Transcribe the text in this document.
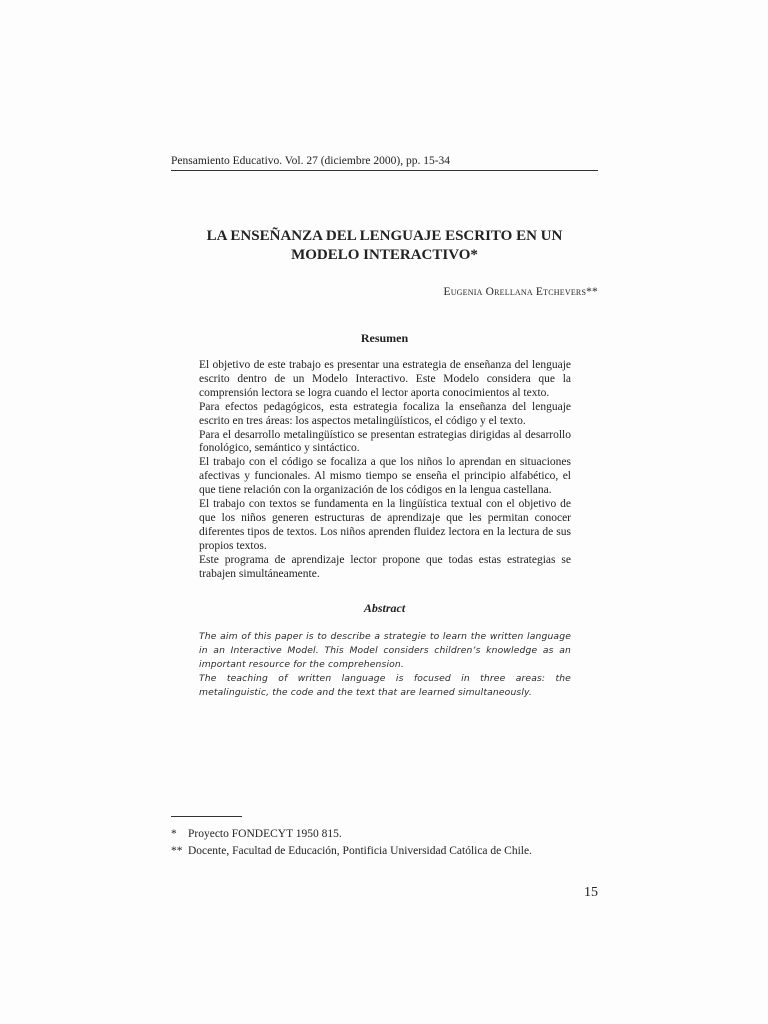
Pensamiento Educativo. Vol. 27 (diciembre 2000), pp. 15-34
LA ENSEÑANZA DEL LENGUAJE ESCRITO EN UN
MODELO INTERACTIVO*
Eugenia Orellana Etchevers**
Resumen

El objetivo de este trabajo es presentar una estrategia de enseñanza del lenguaje escrito dentro de un Modelo Interactivo. Este Modelo considera que la comprensión lectora se logra cuando el lector aporta conocimientos al texto.

Para efectos pedagógicos, esta estrategia focaliza la enseñanza del lenguaje escrito en tres áreas: los aspectos metalingüísticos, el código y el texto.

Para el desarrollo metalingüístico se presentan estrategias dirigidas al desarrollo fonológico, semántico y sintáctico.

El trabajo con el código se focaliza a que los niños lo aprendan en situaciones afectivas y funcionales. Al mismo tiempo se enseña el principio alfabético, el que tiene relación con la organización de los códigos en la lengua castellana.

El trabajo con textos se fundamenta en la lingüística textual con el objetivo de que los niños generen estructuras de aprendizaje que les permitan conocer diferentes tipos de textos. Los niños aprenden fluidez lectora en la lectura de sus propios textos.

Este programa de aprendizaje lector propone que todas estas estrategias se trabajen simultáneamente.

Abstract

The aim of this paper is to describe a strategie to learn the written language in an Interactive Model. This Model considers children’s knowledge as an important resource for the comprehension.

The teaching of written language is focused in three areas: the metalinguistic, the code and the text that are learned simultaneously.

* Proyecto FONDECYT 1950 815.
** Docente, Facultad de Educación, Pontificia Universidad Católica de Chile.
15
